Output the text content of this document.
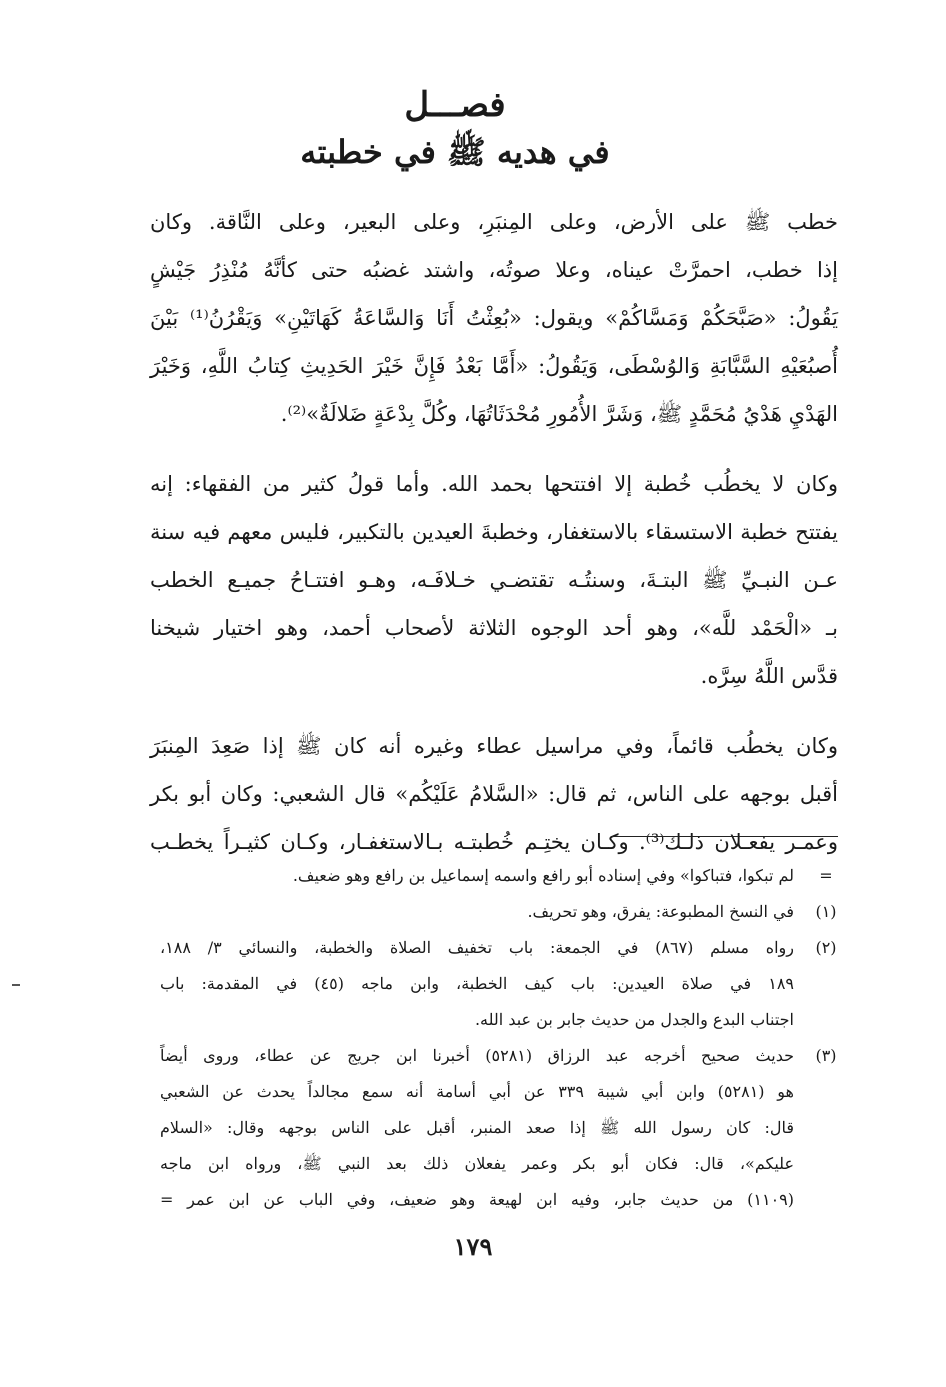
فصـــل

في هديه ﷺ في خطبته

خطب ﷺ على الأرض، وعلى المِنبَرِ، وعلى البعير، وعلى النَّاقة. وكان
إذا خطب، احمرَّتْ عيناه، وعلا صوتُه، واشتد غضبُه حتى كأنَّهُ مُنْذِرُ جَيْشٍ
يَقُولُ: «صَبَّحَكُمْ وَمَسَّاكُمْ» ويقول: «بُعِثْتُ أَنَا وَالسَّاعَةُ كَهَاتَيْنِ» وَيَقْرُنُ⁽¹⁾ بَيْنَ
أُصبُعَيْهِ السَّبَّابَةِ وَالوُسْطَى، وَيَقُولُ: «أَمَّا بَعْدُ فَإِنَّ خَيْرَ الحَدِيثِ كِتابُ اللَّهِ، وَخَيْرَ
الهَدْيِ هَدْيُ مُحَمَّدٍ ﷺ، وَشَرَّ الأُمُورِ مُحْدَثَاتُهَا، وكُلَّ بِدْعَةٍ ضَلالَةٌ»⁽²⁾.

وكان لا يخطُب خُطبة إلا افتتحها بحمد الله. وأما قولُ كثير من الفقهاء: إنه
يفتتح خطبة الاستسقاء بالاستغفار، وخطبةَ العيدين بالتكبير، فليس معهم فيه سنة
عـن النبـيِّ ﷺ البتـةَ، وسنتُـه تقتضـي خـلافَـه، وهـو افتتـاحُ جميـع الخطب
بـ «الْحَمْد للَّه»، وهو أحد الوجوه الثلاثة لأصحاب أحمد، وهو اختيار شيخنا
قدَّس اللَّهُ سِرَّه.

وكان يخطُب قائماً، وفي مراسيل عطاء وغيره أنه كان ﷺ إذا صَعِدَ المِنبَرَ
أقبل بوجهه على الناس، ثم قال: «السَّلامُ عَلَيْكُم» قال الشعبي: وكان أبو بكر
وعمـر يفعـلان ذلـك⁽³⁾. وكـان يختِـم خُطبتـه بـالاستغفـار، وكـان كثيـراً يخطـب

=
لم تبكوا، فتباكوا» وفي إسناده أبو رافع واسمه إسماعيل بن رافع وهو ضعيف.
(١)
في النسخ المطبوعة: يفرق، وهو تحريف.
(٢)
رواه مسلم (٨٦٧) في الجمعة: باب تخفيف الصلاة والخطبة، والنسائي ٣/ ١٨٨،
١٨٩ في صلاة العيدين: باب كيف الخطبة، وابن ماجه (٤٥) في المقدمة: باب
اجتناب البدع والجدل من حديث جابر بن عبد الله.
(٣)
حديث صحيح أخرجه عبد الرزاق (٥٢٨١) أخبرنا ابن جريج عن عطاء، وروى أيضاً
هو (٥٢٨١) وابن أبي شيبة ٣٣٩ عن أبي أسامة أنه سمع مجالداً يحدث عن الشعبي
قال: كان رسول الله ﷺ إذا صعد المنبر، أقبل على الناس بوجهه وقال: «السلام
عليكم»، قال: فكان أبو بكر وعمر يفعلان ذلك بعد النبي ﷺ، ورواه ابن ماجه
(١١٠٩) من حديث جابر، وفيه ابن لهيعة وهو ضعيف، وفي الباب عن ابن عمر =
١٧٩
